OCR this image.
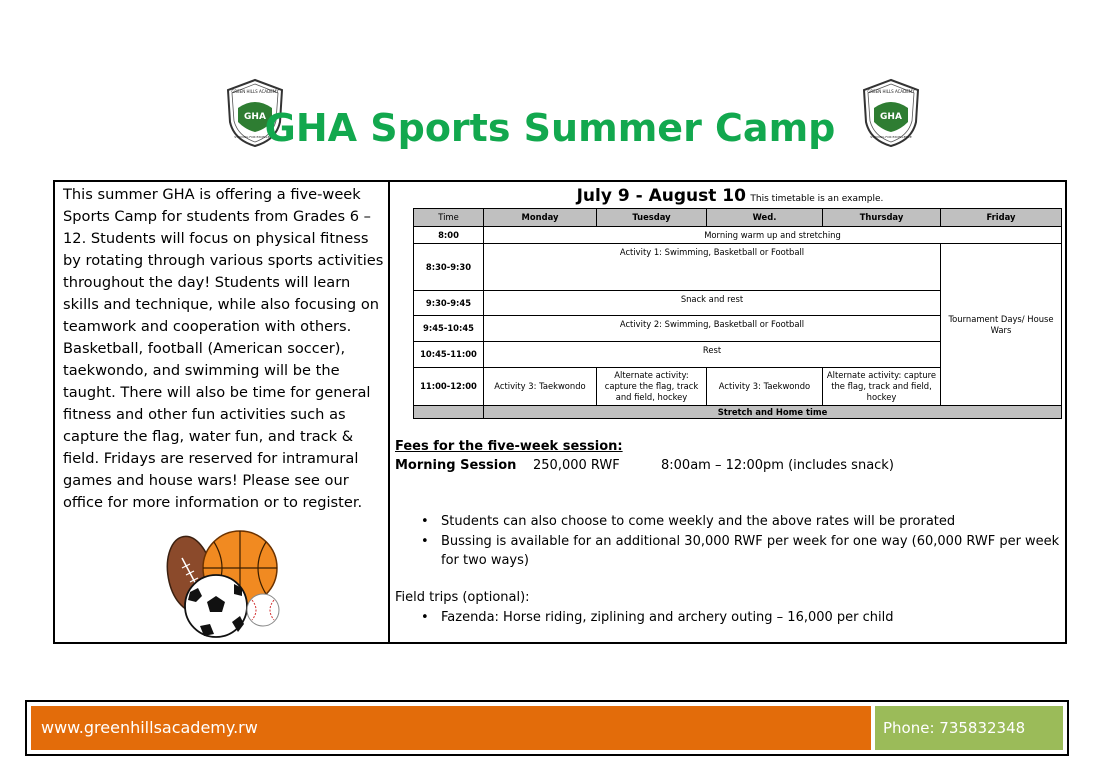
GHA
GREEN HILLS ACADEMY
STRIVING FOR EXCELLENCE
GHA
GREEN HILLS ACADEMY
STRIVING FOR EXCELLENCE
GHA Sports Summer Camp

This summer GHA is offering a five-week Sports Camp for students from Grades 6 – 12. Students will focus on physical fitness by rotating through various sports activities throughout the day! Students will learn skills and technique, while also focusing on teamwork and cooperation with others. Basketball, football (American soccer), taekwondo, and swimming will be the taught. There will also be time for general fitness and other fun activities such as capture the flag, water fun, and track & field. Fridays are reserved for intramural games and house wars! Please see our office for more information or to register.

July 9 - August 10 This timetable is an example.
Time	Monday	Tuesday	Wed.	Thursday	Friday
8:00	Morning warm up and stretching				
8:30-9:30	Activity 1: Swimming, Basketball or Football				Tournament Days/ House Wars
9:30-9:45	Snack and rest				
9:45-10:45	Activity 2: Swimming, Basketball or Football				
10:45-11:00	Rest				
11:00-12:00	Activity 3: Taekwondo	Alternate activity: capture the flag, track and field, hockey	Activity 3: Taekwondo	Alternate activity: capture the flag, track and field, hockey	
	Stretch and Home time				
Fees for the five-week session:
Morning Session 250,000 RWF	8:00am – 12:00pm (includes snack)
• Students can also choose to come weekly and the above rates will be prorated
• Bussing is available for an additional 30,000 RWF per week for one way (60,000 RWF per week for two ways)
Field trips (optional):
• Fazenda: Horse riding, ziplining and archery outing – 16,000 per child
www.greenhillsacademy.rw	Phone: 735832348
